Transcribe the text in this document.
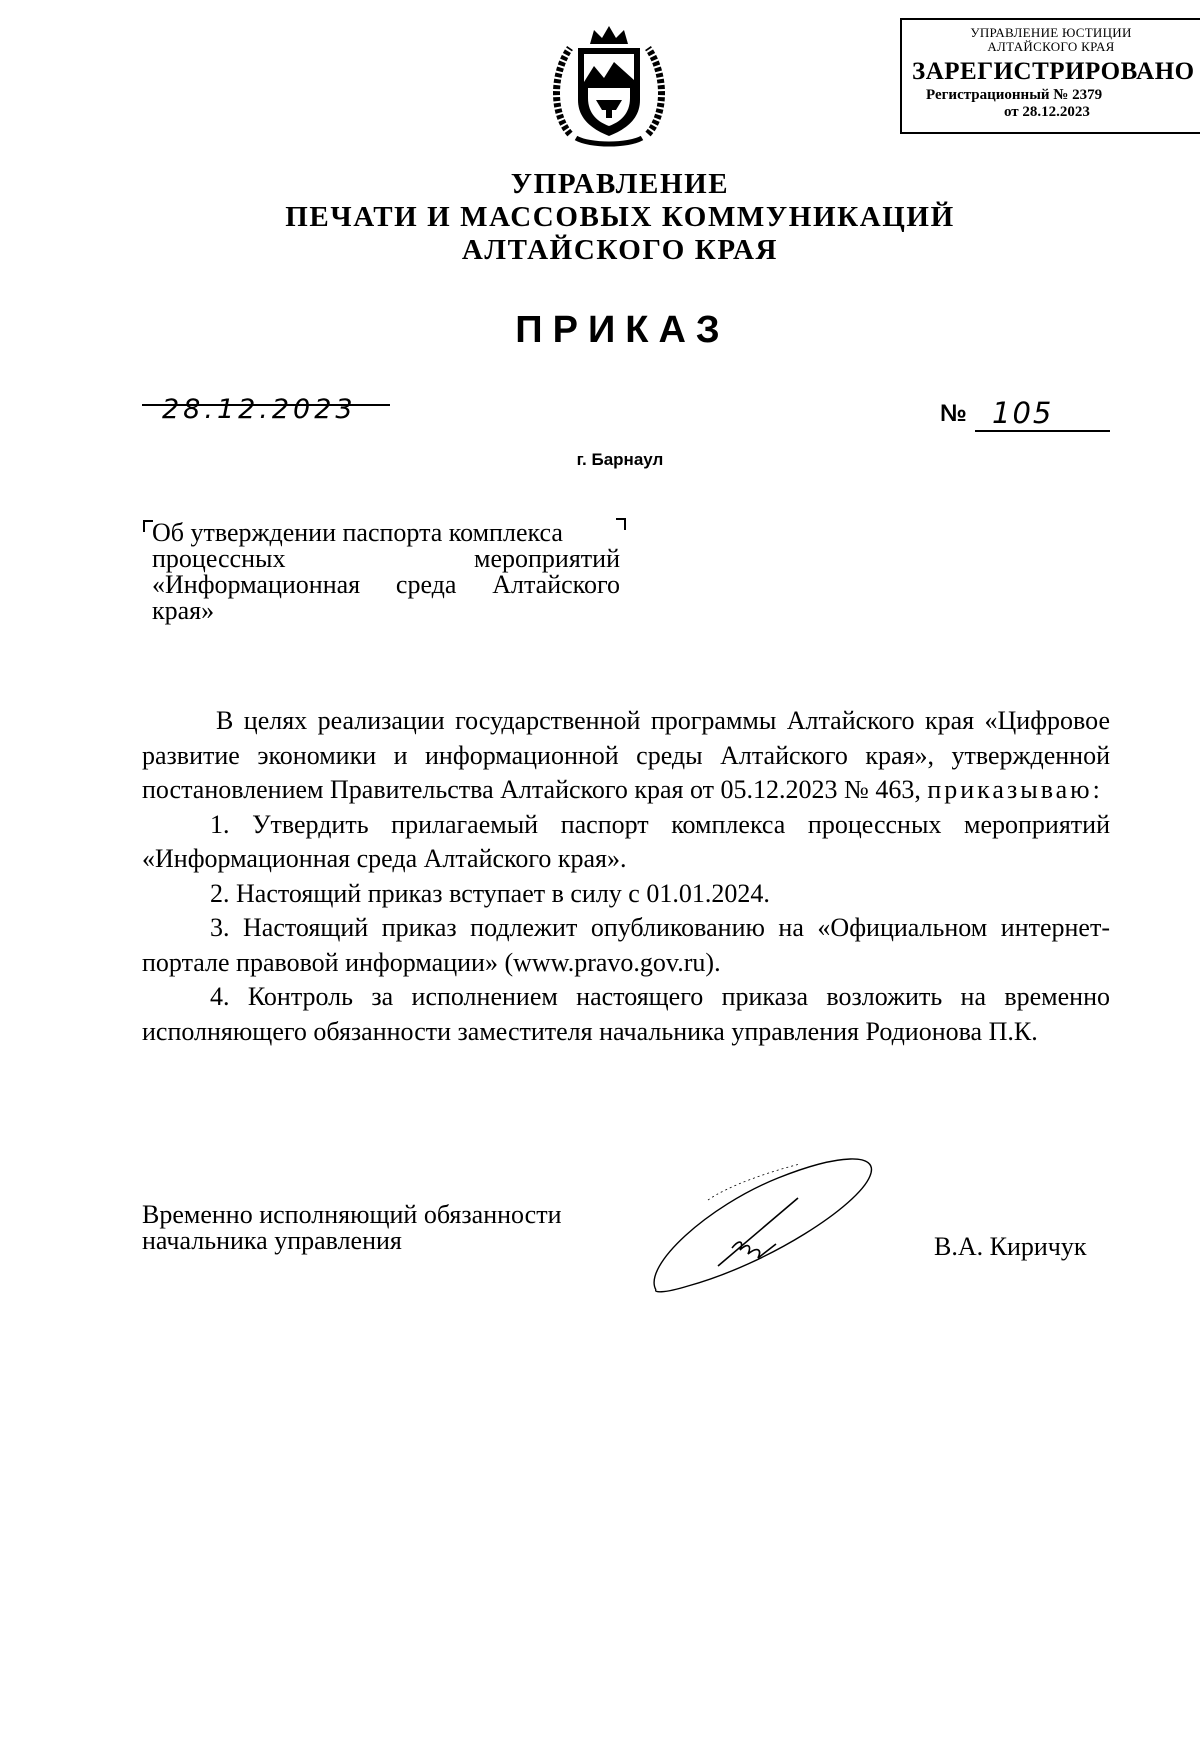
УПРАВЛЕНИЕ ЮСТИЦИИ
АЛТАЙСКОГО КРАЯ
ЗАРЕГИСТРИРОВАНО
Регистрационный № 2379
от 28.12.2023
УПРАВЛЕНИЕ
ПЕЧАТИ И МАССОВЫХ КОММУНИКАЦИЙ
АЛТАЙСКОГО КРАЯ
ПРИКАЗ
28.12.2023	№ 105
г. Барнаул
Об утверждении паспорта комплекса
процессных мероприятий «Информационная среда Алтайского края»

В целях реализации государственной программы Алтайского края «Цифровое развитие экономики и информационной среды Алтайского края», утвержденной постановлением Правительства Алтайского края от 05.12.2023 № 463, приказываю:

1. Утвердить прилагаемый паспорт комплекса процессных мероприятий «Информационная среда Алтайского края».

2. Настоящий приказ вступает в силу с 01.01.2024.

3. Настоящий приказ подлежит опубликованию на «Официальном интернет-портале правовой информации» (www.pravo.gov.ru).

4. Контроль за исполнением настоящего приказа возложить на временно исполняющего обязанности заместителя начальника управления Родионова П.К.

Временно исполняющий обязанности
начальника управления	В.А. Киричук
